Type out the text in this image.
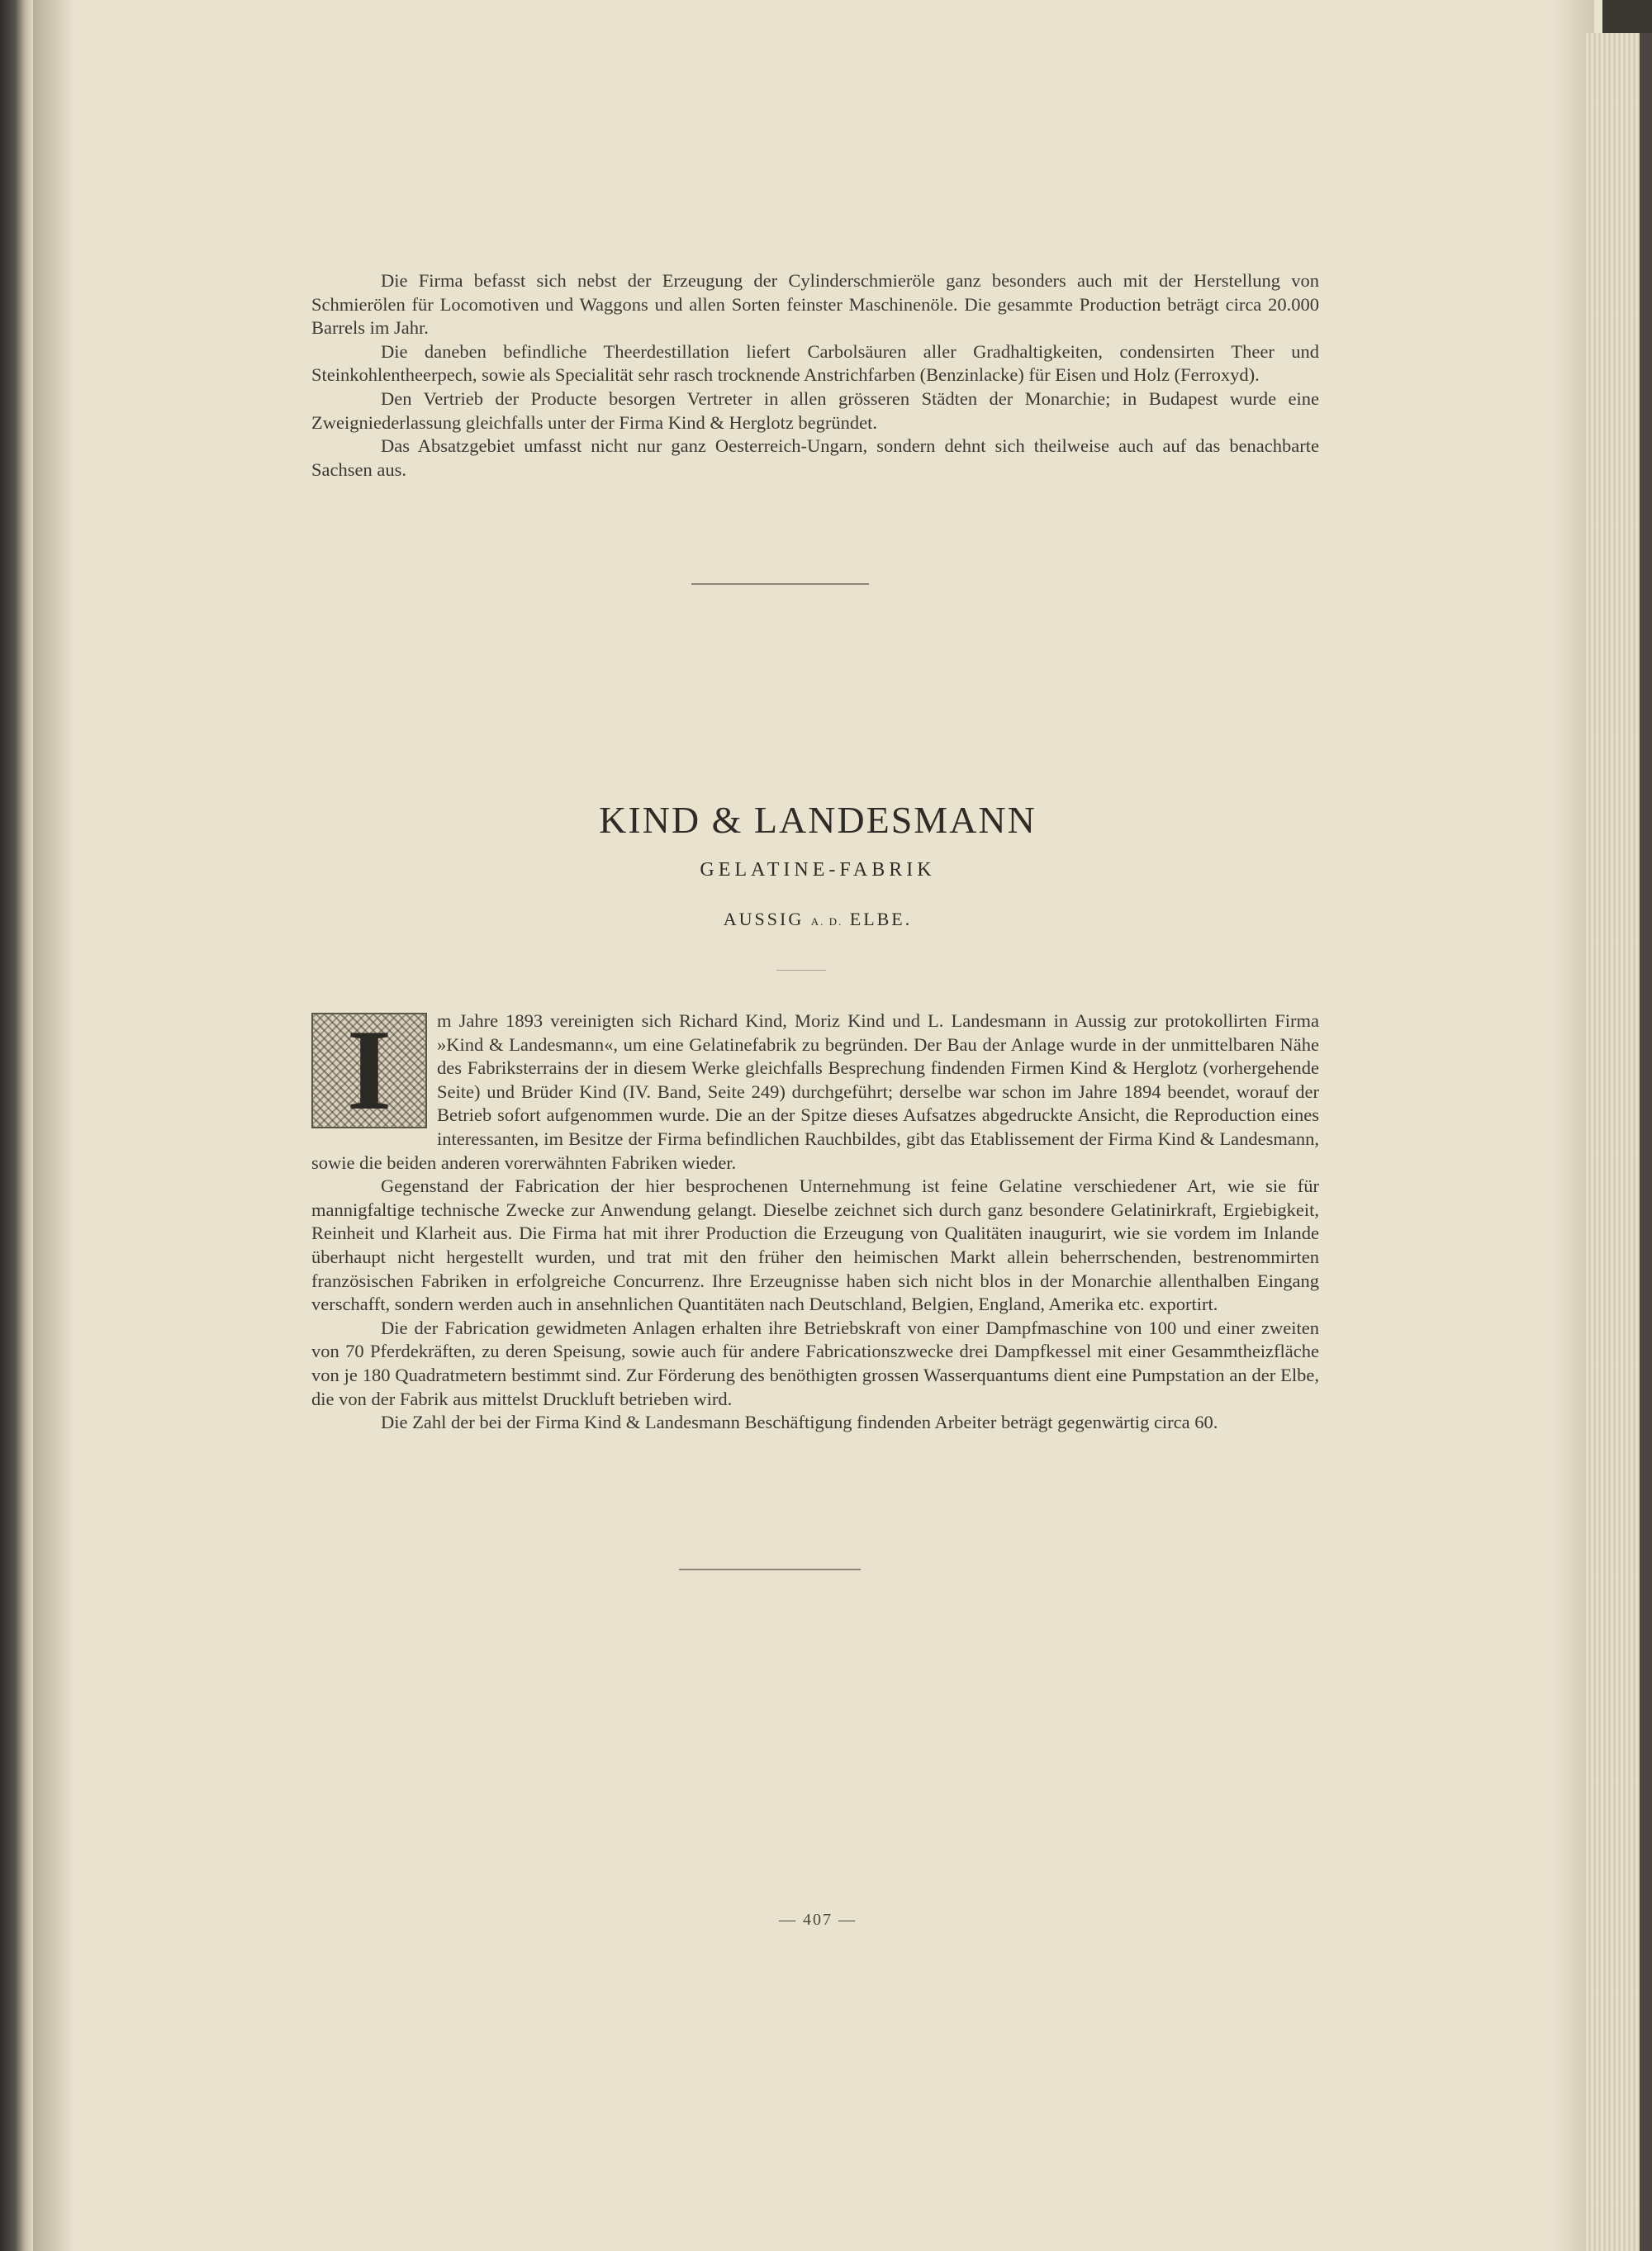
Die Firma befasst sich nebst der Erzeugung der Cylinderschmieröle ganz besonders auch mit der Herstellung von Schmierölen für Locomotiven und Waggons und allen Sorten feinster Maschinenöle. Die gesammte Production beträgt circa 20.000 Barrels im Jahr.

Die daneben befindliche Theerdestillation liefert Carbolsäuren aller Gradhaltigkeiten, condensirten Theer und Steinkohlentheerpech, sowie als Specialität sehr rasch trocknende Anstrichfarben (Benzinlacke) für Eisen und Holz (Ferroxyd).

Den Vertrieb der Producte besorgen Vertreter in allen grösseren Städten der Monarchie; in Budapest wurde eine Zweigniederlassung gleichfalls unter der Firma Kind & Herglotz begründet.

Das Absatzgebiet umfasst nicht nur ganz Oesterreich-Ungarn, sondern dehnt sich theilweise auch auf das benachbarte Sachsen aus.

KIND & LANDESMANN
GELATINE-FABRIK
AUSSIG A. D. ELBE.

I	m Jahre 1893 vereinigten sich Richard Kind, Moriz Kind und L. Landesmann in Aussig zur protokollirten Firma »Kind & Landesmann«, um eine Gelatinefabrik zu begründen. Der Bau der Anlage wurde in der unmittelbaren Nähe des Fabriksterrains der in diesem Werke gleichfalls Besprechung findenden Firmen Kind & Herglotz (vorhergehende Seite) und Brüder Kind (IV. Band, Seite 249) durchgeführt; derselbe war schon im Jahre 1894 beendet, worauf der Betrieb sofort aufgenommen wurde. Die an der Spitze dieses Aufsatzes abgedruckte Ansicht, die Reproduction eines interessanten, im Besitze der Firma befindlichen Rauchbildes, gibt das Etablissement der Firma Kind & Landesmann, sowie die beiden anderen vorerwähnten Fabriken wieder.

Gegenstand der Fabrication der hier besprochenen Unternehmung ist feine Gelatine verschiedener Art, wie sie für mannigfaltige technische Zwecke zur Anwendung gelangt. Dieselbe zeichnet sich durch ganz besondere Gelatinirkraft, Ergiebigkeit, Reinheit und Klarheit aus. Die Firma hat mit ihrer Production die Erzeugung von Qualitäten inaugurirt, wie sie vordem im Inlande überhaupt nicht hergestellt wurden, und trat mit den früher den heimischen Markt allein beherrschenden, bestrenommirten französischen Fabriken in erfolgreiche Concurrenz. Ihre Erzeugnisse haben sich nicht blos in der Monarchie allenthalben Eingang verschafft, sondern werden auch in ansehnlichen Quantitäten nach Deutschland, Belgien, England, Amerika etc. exportirt.

Die der Fabrication gewidmeten Anlagen erhalten ihre Betriebskraft von einer Dampfmaschine von 100 und einer zweiten von 70 Pferdekräften, zu deren Speisung, sowie auch für andere Fabricationszwecke drei Dampfkessel mit einer Gesammtheizfläche von je 180 Quadratmetern bestimmt sind. Zur Förderung des benöthigten grossen Wasserquantums dient eine Pumpstation an der Elbe, die von der Fabrik aus mittelst Druckluft betrieben wird.

Die Zahl der bei der Firma Kind & Landesmann Beschäftigung findenden Arbeiter beträgt gegenwärtig circa 60.

— 407 —
